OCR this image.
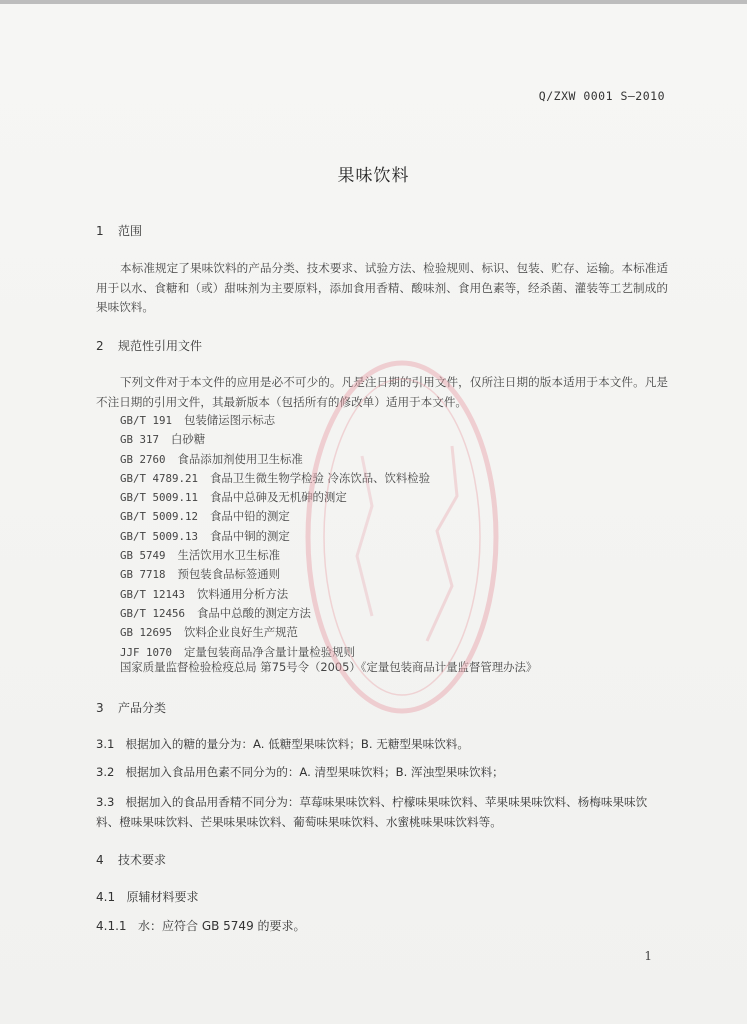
Q/ZXW 0001 S—2010
果味饮料
1 范围
本标准规定了果味饮料的产品分类、技术要求、试验方法、检验规则、标识、包装、贮存、运输。本标准适用于以水、食糖和（或）甜味剂为主要原料，添加食用香精、酸味剂、食用色素等，经杀菌、灌装等工艺制成的果味饮料。
2 规范性引用文件
下列文件对于本文件的应用是必不可少的。凡是注日期的引用文件，仅所注日期的版本适用于本文件。凡是不注日期的引用文件，其最新版本（包括所有的修改单）适用于本文件。
GB/T 191 包装储运图示标志
GB 317 白砂糖
GB 2760 食品添加剂使用卫生标准
GB/T 4789.21 食品卫生微生物学检验 冷冻饮品、饮料检验
GB/T 5009.11 食品中总砷及无机砷的测定
GB/T 5009.12 食品中铅的测定
GB/T 5009.13 食品中铜的测定
GB 5749 生活饮用水卫生标准
GB 7718 预包装食品标签通则
GB/T 12143 饮料通用分析方法
GB/T 12456 食品中总酸的测定方法
GB 12695 饮料企业良好生产规范
JJF 1070 定量包装商品净含量计量检验规则
国家质量监督检验检疫总局 第75号令（2005）《定量包装商品计量监督管理办法》
3 产品分类
3.1 根据加入的糖的量分为：A. 低糖型果味饮料；B. 无糖型果味饮料。
3.2 根据加入食品用色素不同分为的：A. 清型果味饮料；B. 浑浊型果味饮料；
3.3 根据加入的食品用香精不同分为：草莓味果味饮料、柠檬味果味饮料、苹果味果味饮料、杨梅味果味饮料、橙味果味饮料、芒果味果味饮料、葡萄味果味饮料、水蜜桃味果味饮料等。
4 技术要求
4.1 原辅材料要求
4.1.1 水：应符合 GB 5749 的要求。
1
